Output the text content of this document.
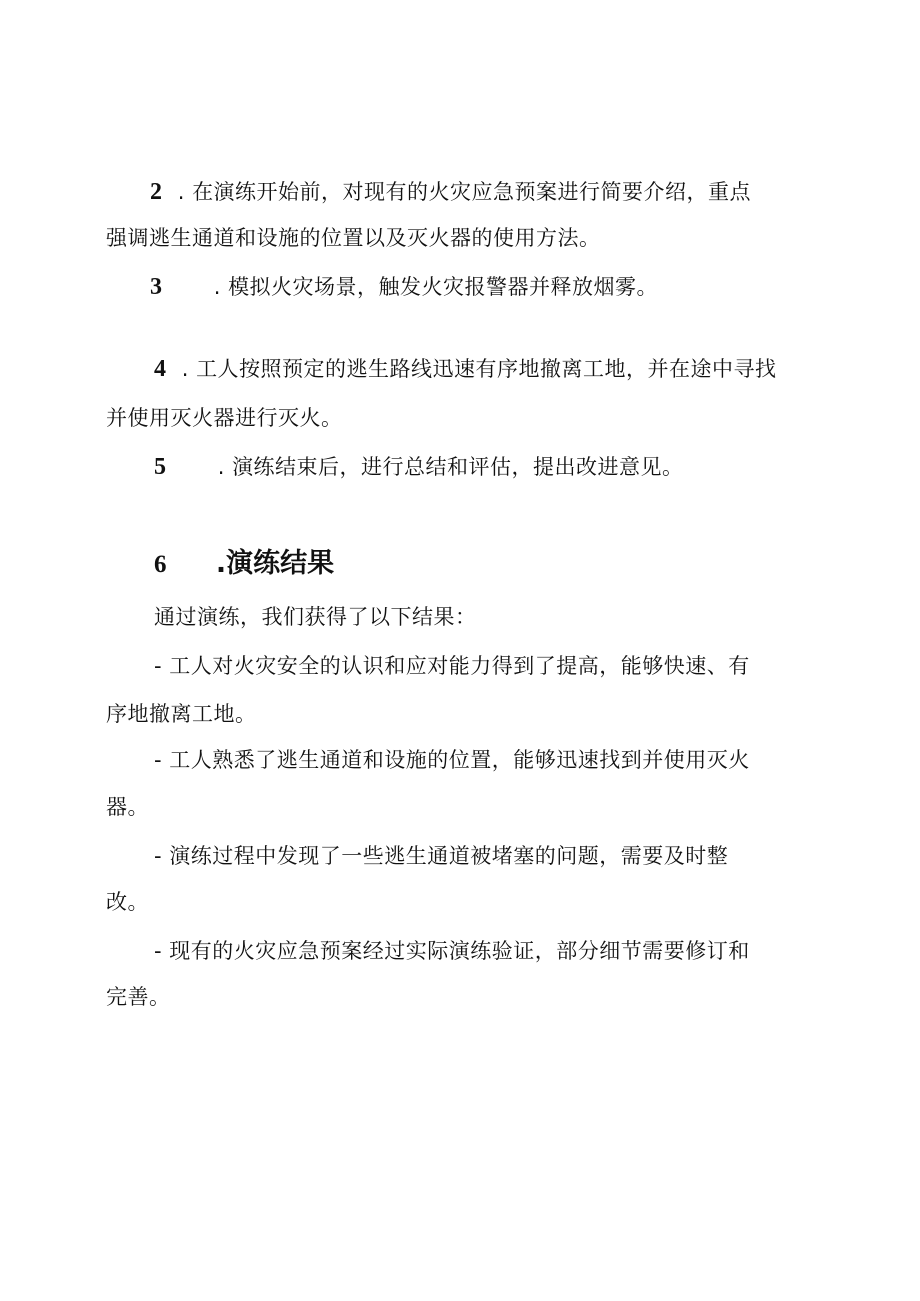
2 . 在演练开始前，对现有的火灾应急预案进行简要介绍，重点
强调逃生通道和设施的位置以及灭火器的使用方法。
3 . 模拟火灾场景，触发火灾报警器并释放烟雾。
4 . 工人按照预定的逃生路线迅速有序地撤离工地，并在途中寻找
并使用灭火器进行灭火。
5 . 演练结束后，进行总结和评估，提出改进意见。
6 .演练结果
通过演练，我们获得了以下结果：
- 工人对火灾安全的认识和应对能力得到了提高，能够快速、有
序地撤离工地。
- 工人熟悉了逃生通道和设施的位置，能够迅速找到并使用灭火
器。
- 演练过程中发现了一些逃生通道被堵塞的问题，需要及时整
改。
- 现有的火灾应急预案经过实际演练验证，部分细节需要修订和
完善。
